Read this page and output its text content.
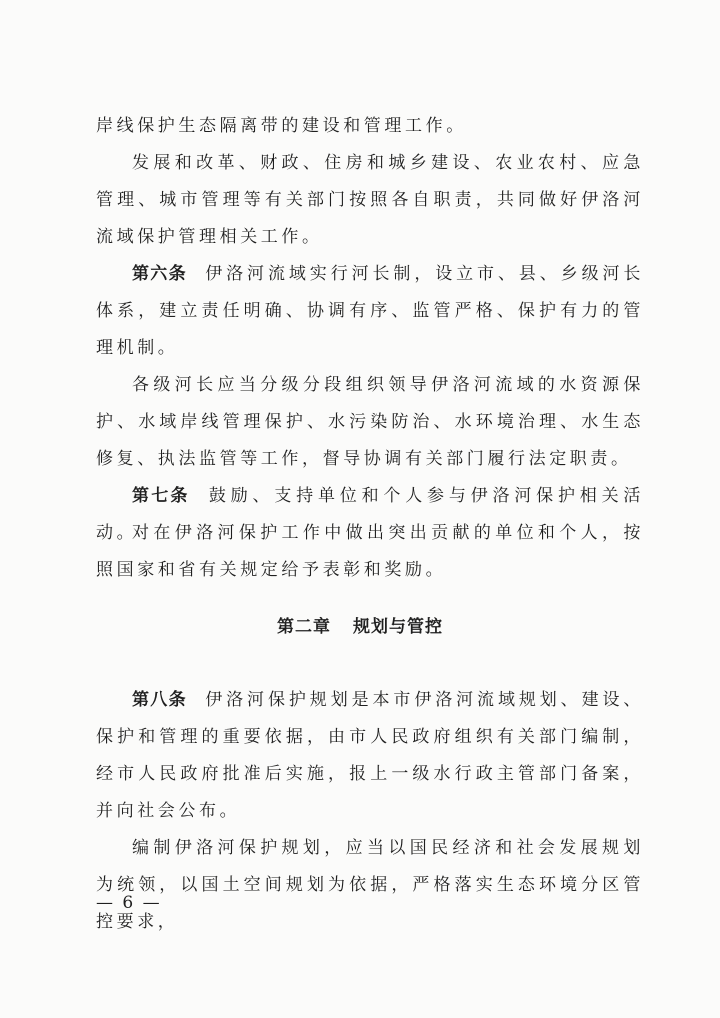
岸线保护生态隔离带的建设和管理工作。

发展和改革、财政、住房和城乡建设、农业农村、应急管理、城市管理等有关部门按照各自职责，共同做好伊洛河流域保护管理相关工作。

第六条 伊洛河流域实行河长制，设立市、县、乡级河长体系，建立责任明确、协调有序、监管严格、保护有力的管理机制。

各级河长应当分级分段组织领导伊洛河流域的水资源保护、水域岸线管理保护、水污染防治、水环境治理、水生态修复、执法监管等工作，督导协调有关部门履行法定职责。

第七条 鼓励、支持单位和个人参与伊洛河保护相关活动。

对在伊洛河保护工作中做出突出贡献的单位和个人，按照国家和省有关规定给予表彰和奖励。

第二章 规划与管控

第八条 伊洛河保护规划是本市伊洛河流域规划、建设、保护和管理的重要依据，由市人民政府组织有关部门编制，经市人民政府批准后实施，报上一级水行政主管部门备案，并向社会公布。

编制伊洛河保护规划，应当以国民经济和社会发展规划为统领，以国土空间规划为依据，严格落实生态环境分区管控要求，

— 6 —
